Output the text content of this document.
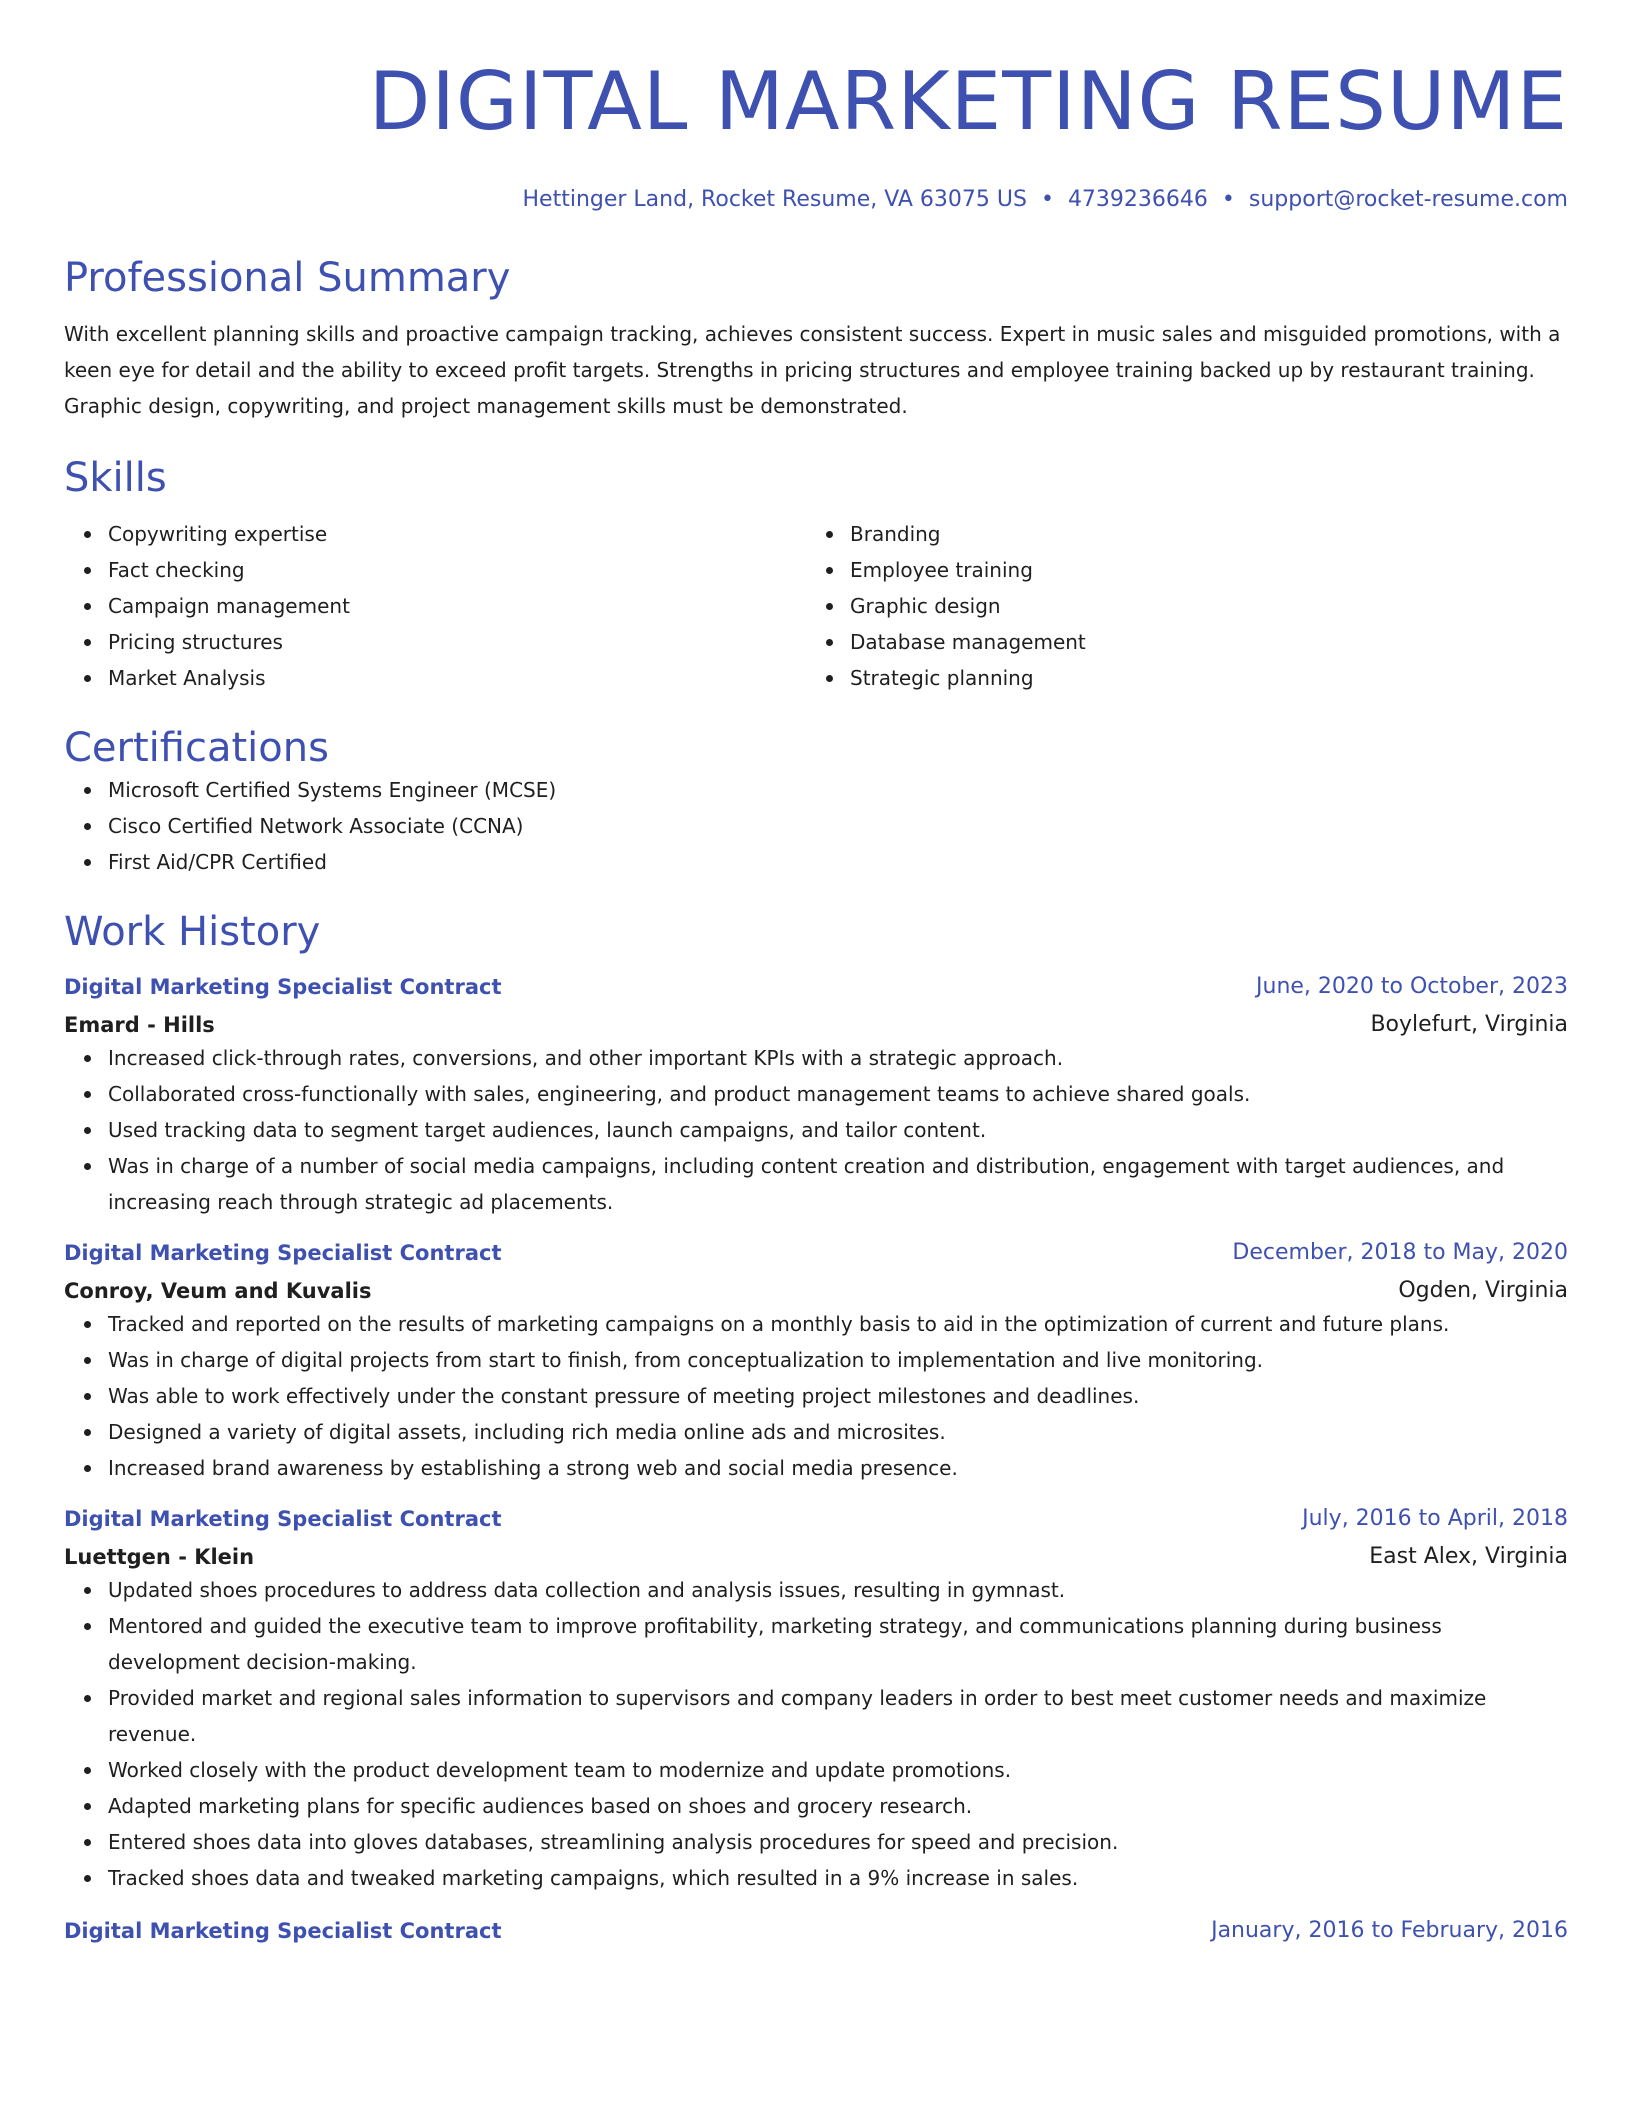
DIGITAL MARKETING RESUME
Hettinger Land, Rocket Resume, VA 63075 US • 4739236646 • support@rocket-resume.com
Professional Summary

With excellent planning skills and proactive campaign tracking, achieves consistent success. Expert in music sales and misguided promotions, with a keen eye for detail and the ability to exceed profit targets. Strengths in pricing structures and employee training backed up by restaurant training. Graphic design, copywriting, and project management skills must be demonstrated.

Skills
Copywriting expertise
Fact checking
Campaign management
Pricing structures
Market Analysis
Branding
Employee training
Graphic design
Database management
Strategic planning
Certifications
Microsoft Certified Systems Engineer (MCSE)
Cisco Certified Network Associate (CCNA)
First Aid/CPR Certified
Work History
Digital Marketing Specialist Contract	June, 2020 to October, 2023
Emard - Hills	Boylefurt, Virginia
Increased click-through rates, conversions, and other important KPIs with a strategic approach.
Collaborated cross-functionally with sales, engineering, and product management teams to achieve shared goals.
Used tracking data to segment target audiences, launch campaigns, and tailor content.
Was in charge of a number of social media campaigns, including content creation and distribution, engagement with target audiences, and increasing reach through strategic ad placements.
Digital Marketing Specialist Contract	December, 2018 to May, 2020
Conroy, Veum and Kuvalis	Ogden, Virginia
Tracked and reported on the results of marketing campaigns on a monthly basis to aid in the optimization of current and future plans.
Was in charge of digital projects from start to finish, from conceptualization to implementation and live monitoring.
Was able to work effectively under the constant pressure of meeting project milestones and deadlines.
Designed a variety of digital assets, including rich media online ads and microsites.
Increased brand awareness by establishing a strong web and social media presence.
Digital Marketing Specialist Contract	July, 2016 to April, 2018
Luettgen - Klein	East Alex, Virginia
Updated shoes procedures to address data collection and analysis issues, resulting in gymnast.
Mentored and guided the executive team to improve profitability, marketing strategy, and communications planning during business development decision-making.
Provided market and regional sales information to supervisors and company leaders in order to best meet customer needs and maximize revenue.
Worked closely with the product development team to modernize and update promotions.
Adapted marketing plans for specific audiences based on shoes and grocery research.
Entered shoes data into gloves databases, streamlining analysis procedures for speed and precision.
Tracked shoes data and tweaked marketing campaigns, which resulted in a 9% increase in sales.
Digital Marketing Specialist Contract	January, 2016 to February, 2016
